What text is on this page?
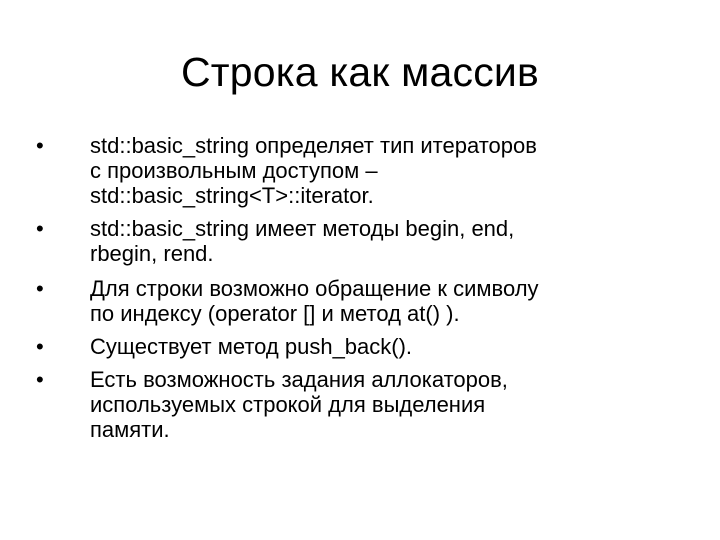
Строка как массив
•	std::basic_string определяет тип итераторов
с произвольным доступом –
std::basic_string<T>::iterator.
•	std::basic_string имеет методы begin, end,
rbegin, rend.
•	Для строки возможно обращение к символу
по индексу (operator [] и метод at() ).
•	Существует метод push_back().
•	Есть возможность задания аллокаторов,
используемых строкой для выделения
памяти.
